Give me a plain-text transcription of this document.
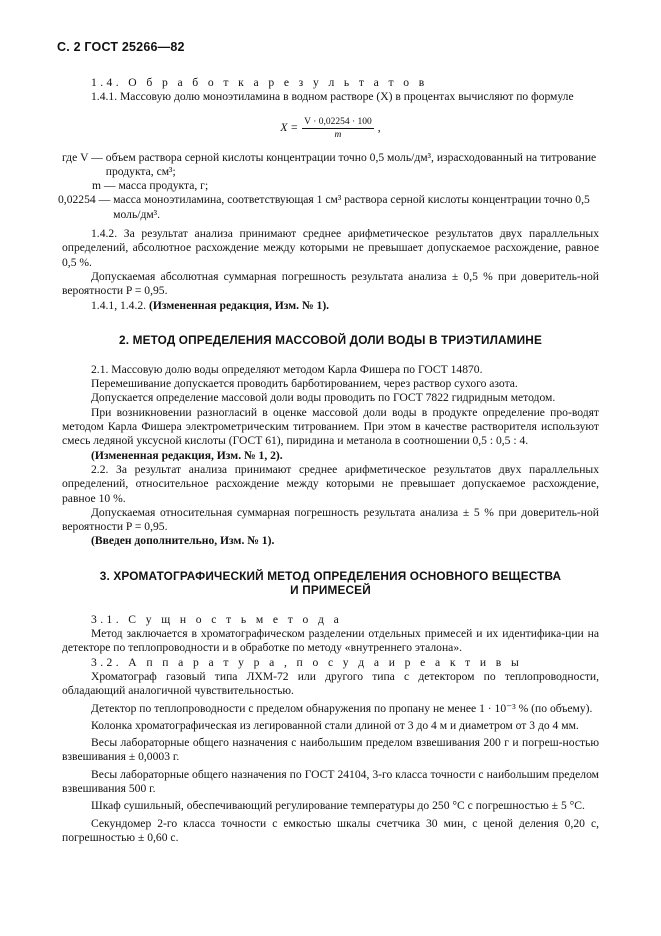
С. 2 ГОСТ 25266—82

1.4. О б р а б о т к а р е з у л ь т а т о в

1.4.1. Массовую долю моноэтиламина в водном растворе (X) в процентах вычисляют по формуле

$X = \frac{V \cdot 0,02254 \cdot 100}{m}$ ,
где V — объем раствора серной кислоты концентрации точно 0,5 моль/дм³, израсходованный на титрование продукта, см³;
m — масса продукта, г;
0,02254 — масса моноэтиламина, соответствующая 1 см³ раствора серной кислоты концентрации точно 0,5 моль/дм³.

1.4.2. За результат анализа принимают среднее арифметическое результатов двух параллельных определений, абсолютное расхождение между которыми не превышает допускаемое расхождение, равное 0,5 %.

Допускаемая абсолютная суммарная погрешность результата анализа ± 0,5 % при доверитель-ной вероятности P = 0,95.

1.4.1, 1.4.2. (Измененная редакция, Изм. № 1).

2. МЕТОД ОПРЕДЕЛЕНИЯ МАССОВОЙ ДОЛИ ВОДЫ В ТРИЭТИЛАМИНЕ

2.1. Массовую долю воды определяют методом Карла Фишера по ГОСТ 14870.

Перемешивание допускается проводить барботированием, через раствор сухого азота.

Допускается определение массовой доли воды проводить по ГОСТ 7822 гидридным методом.

При возникновении разногласий в оценке массовой доли воды в продукте определение про-водят методом Карла Фишера электрометрическим титрованием. При этом в качестве растворителя используют смесь ледяной уксусной кислоты (ГОСТ 61), пиридина и метанола в соотношении 0,5 : 0,5 : 4.

(Измененная редакция, Изм. № 1, 2).

2.2. За результат анализа принимают среднее арифметическое результатов двух параллельных определений, относительное расхождение между которыми не превышает допускаемое расхождение, равное 10 %.

Допускаемая относительная суммарная погрешность результата анализа ± 5 % при доверитель-ной вероятности P = 0,95.

(Введен дополнительно, Изм. № 1).

3. ХРОМАТОГРАФИЧЕСКИЙ МЕТОД ОПРЕДЕЛЕНИЯ ОСНОВНОГО ВЕЩЕСТВА
И ПРИМЕСЕЙ

3.1. С у щ н о с т ь м е т о д а

Метод заключается в хроматографическом разделении отдельных примесей и их идентифика-ции на детекторе по теплопроводности и в обработке по методу «внутреннего эталона».

3.2. А п п а р а т у р а , п о с у д а и р е а к т и в ы

Хроматограф газовый типа ЛХМ-72 или другого типа с детектором по теплопроводности, обладающий аналогичной чувствительностью.

Детектор по теплопроводности с пределом обнаружения по пропану не менее 1 · 10⁻³ % (по объему).

Колонка хроматографическая из легированной стали длиной от 3 до 4 м и диаметром от 3 до 4 мм.

Весы лабораторные общего назначения с наибольшим пределом взвешивания 200 г и погреш-ностью взвешивания ± 0,0003 г.

Весы лабораторные общего назначения по ГОСТ 24104, 3-го класса точности с наибольшим пределом взвешивания 500 г.

Шкаф сушильный, обеспечивающий регулирование температуры до 250 °С с погрешностью ± 5 °С.

Секундомер 2-го класса точности с емкостью шкалы счетчика 30 мин, с ценой деления 0,20 с, погрешностью ± 0,60 с.
